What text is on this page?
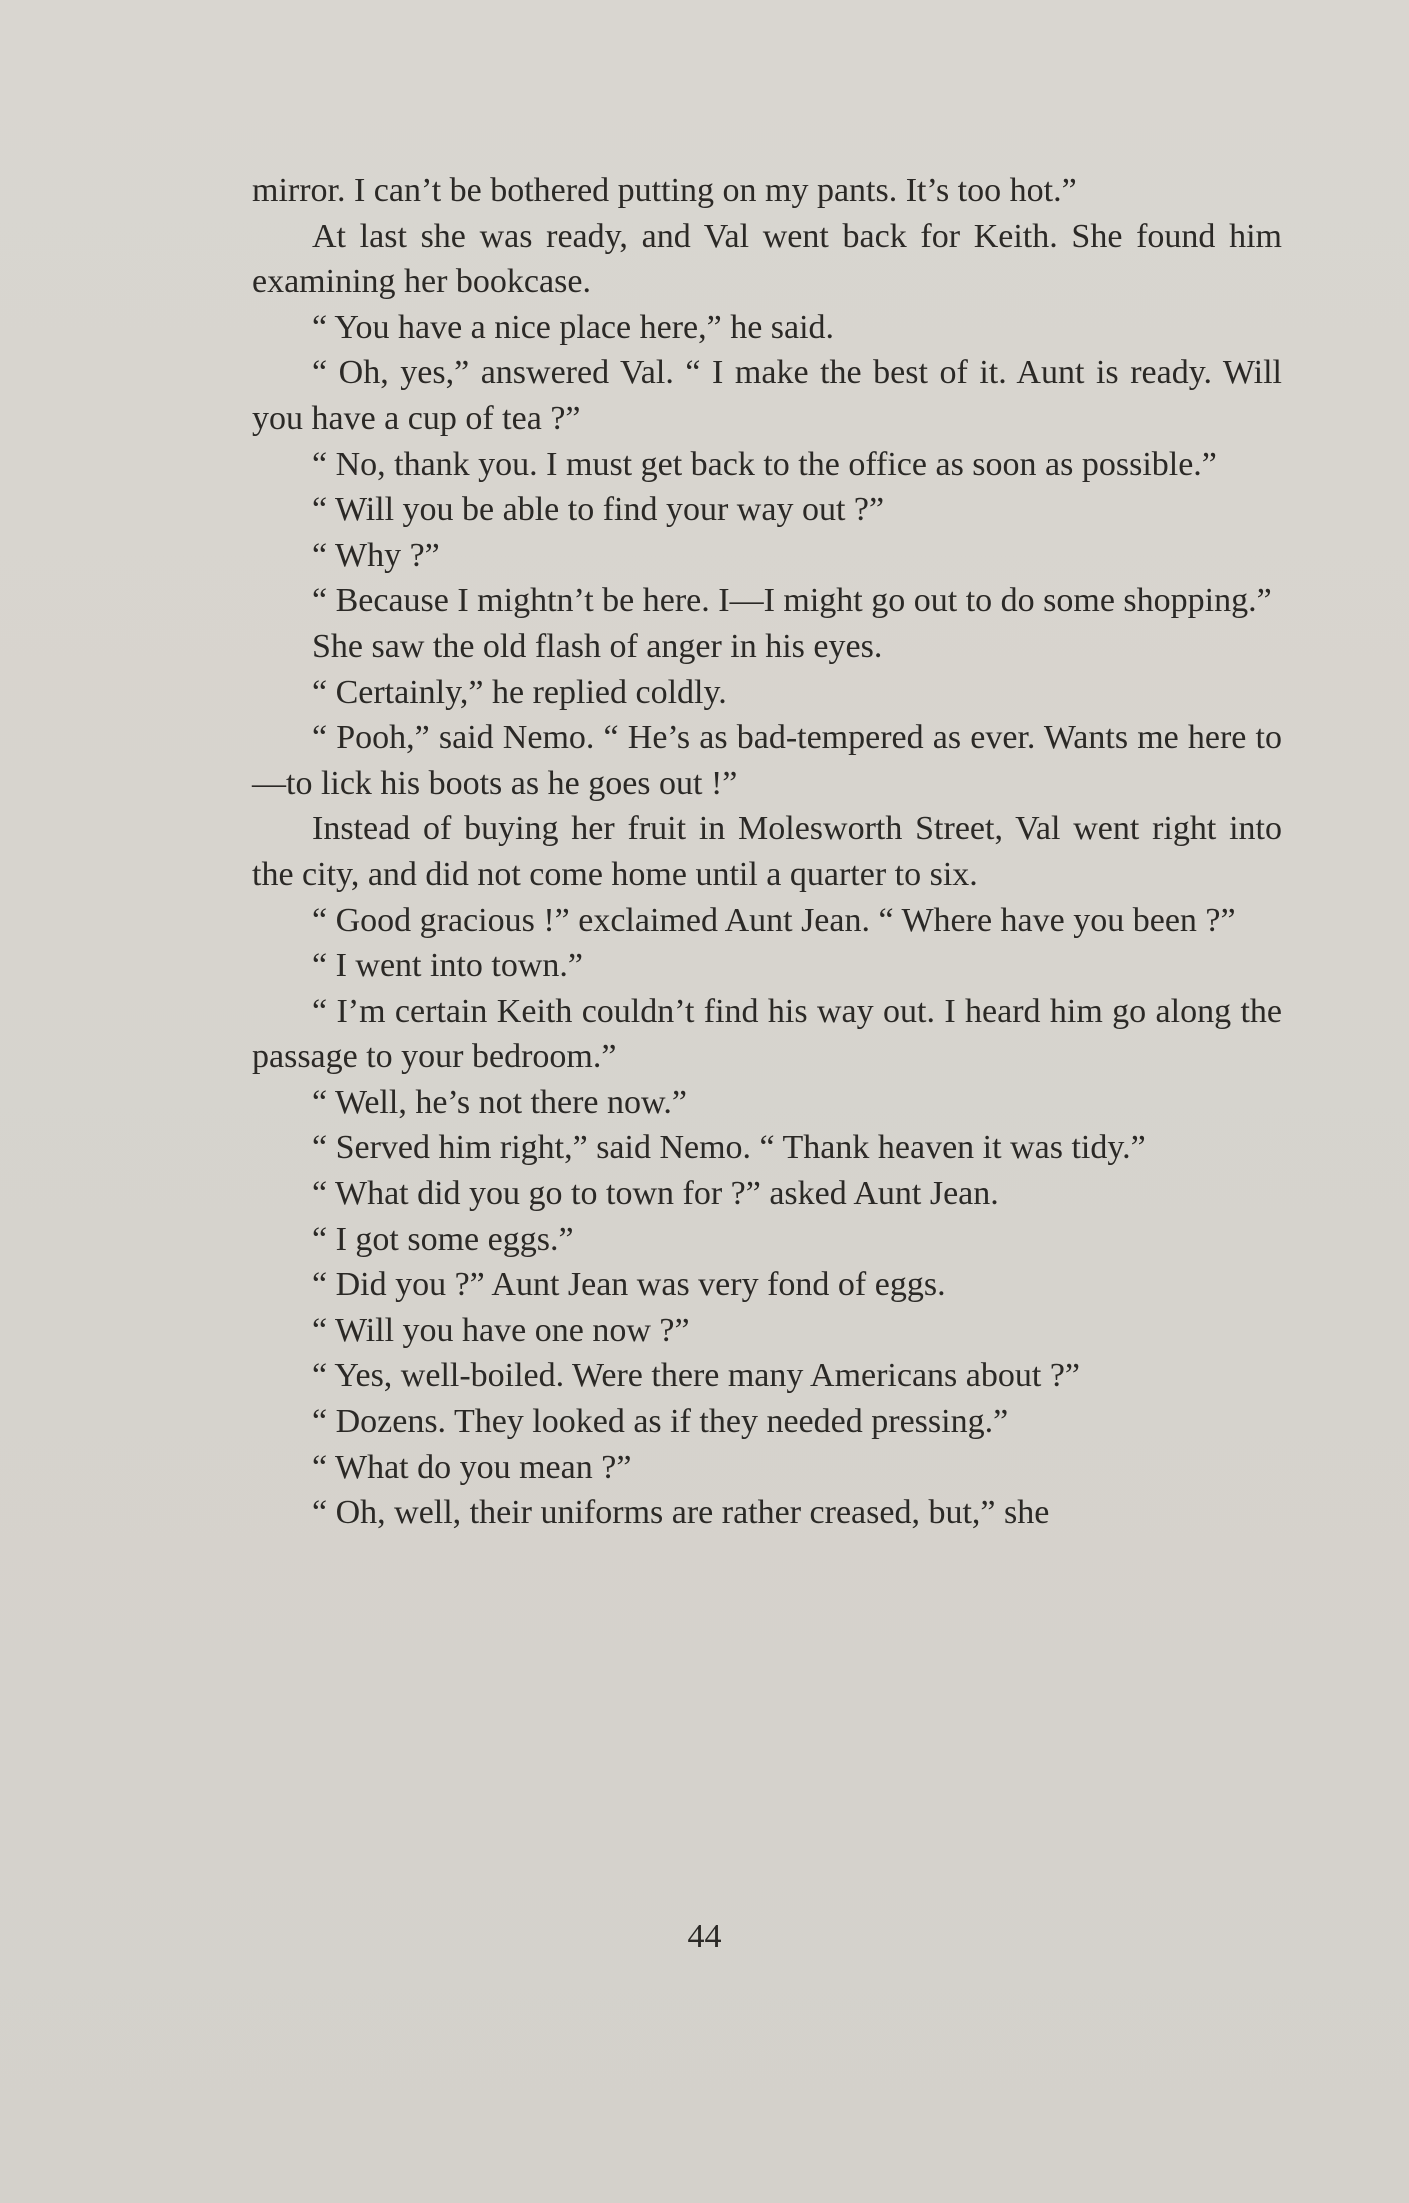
mirror. I can’t be bothered putting on my pants. It’s too hot.”

At last she was ready, and Val went back for Keith. She found him examining her bookcase.

“ You have a nice place here,” he said.

“ Oh, yes,” answered Val. “ I make the best of it. Aunt is ready. Will you have a cup of tea ?”

“ No, thank you. I must get back to the office as soon as possible.”

“ Will you be able to find your way out ?”

“ Why ?”

“ Because I mightn’t be here. I—I might go out to do some shopping.”

She saw the old flash of anger in his eyes.

“ Certainly,” he replied coldly.

“ Pooh,” said Nemo. “ He’s as bad-tempered as ever. Wants me here to—to lick his boots as he goes out !”

Instead of buying her fruit in Molesworth Street, Val went right into the city, and did not come home until a quarter to six.

“ Good gracious !” exclaimed Aunt Jean. “ Where have you been ?”

“ I went into town.”

“ I’m certain Keith couldn’t find his way out. I heard him go along the passage to your bedroom.”

“ Well, he’s not there now.”

“ Served him right,” said Nemo. “ Thank heaven it was tidy.”

“ What did you go to town for ?” asked Aunt Jean.

“ I got some eggs.”

“ Did you ?” Aunt Jean was very fond of eggs.

“ Will you have one now ?”

“ Yes, well-boiled. Were there many Americans about ?”

“ Dozens. They looked as if they needed pressing.”

“ What do you mean ?”

“ Oh, well, their uniforms are rather creased, but,” she

44
